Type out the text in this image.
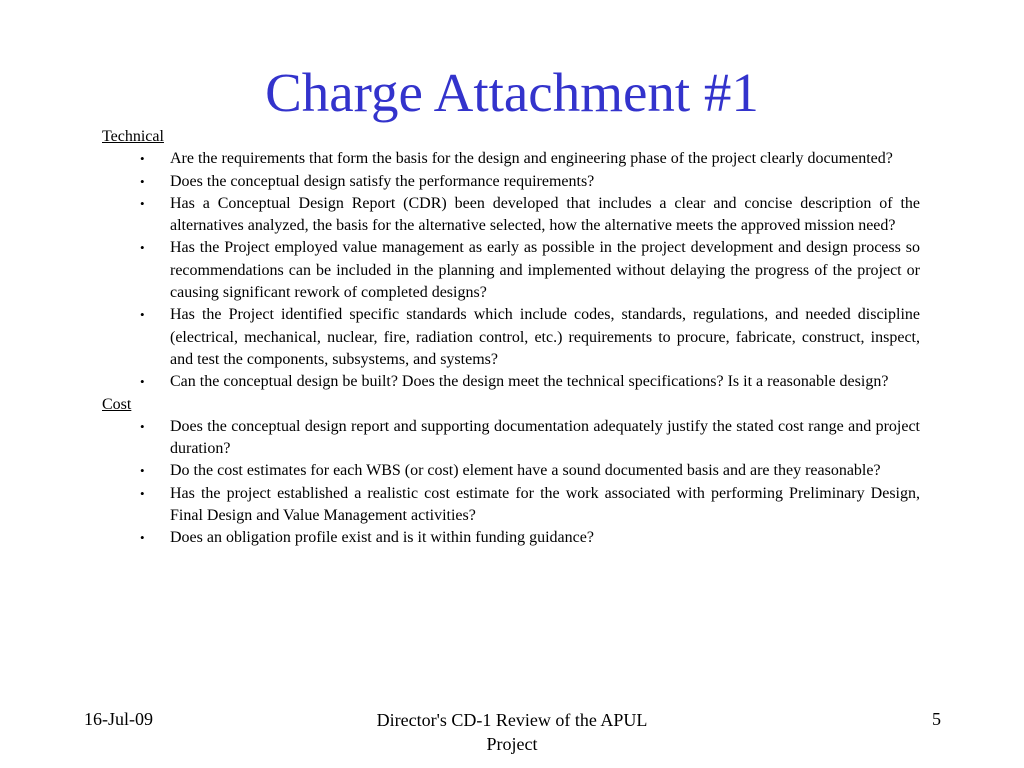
Charge Attachment #1

Technical

• Are the requirements that form the basis for the design and engineering phase of the project clearly documented?
• Does the conceptual design satisfy the performance requirements?
• Has a Conceptual Design Report (CDR) been developed that includes a clear and concise description of the alternatives analyzed, the basis for the alternative selected, how the alternative meets the approved mission need?
• Has the Project employed value management as early as possible in the project development and design process so recommendations can be included in the planning and implemented without delaying the progress of the project or causing significant rework of completed designs?
• Has the Project identified specific standards which include codes, standards, regulations, and needed discipline (electrical, mechanical, nuclear, fire, radiation control, etc.) requirements to procure, fabricate, construct, inspect, and test the components, subsystems, and systems?
• Can the conceptual design be built? Does the design meet the technical specifications? Is it a reasonable design?

Cost

• Does the conceptual design report and supporting documentation adequately justify the stated cost range and project duration?
• Do the cost estimates for each WBS (or cost) element have a sound documented basis and are they reasonable?
• Has the project established a realistic cost estimate for the work associated with performing Preliminary Design, Final Design and Value Management activities?
• Does an obligation profile exist and is it within funding guidance?
16-Jul-09	Director's CD-1 Review of the APUL Project
5
